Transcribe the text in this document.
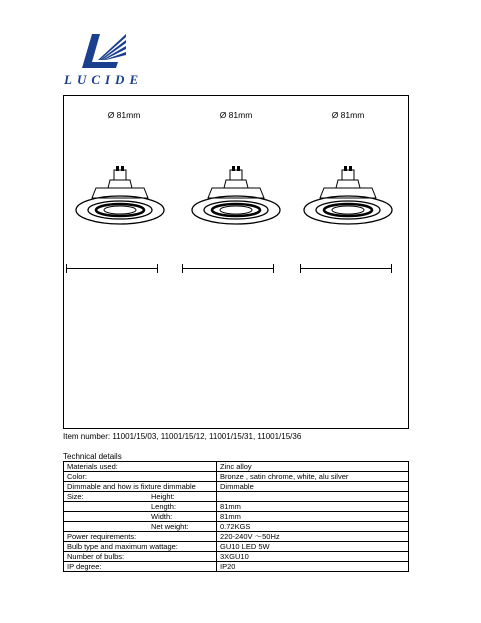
LUCIDE
Ø 81mm	Ø 81mm	Ø 81mm
Item number: 11001/15/03, 11001/15/12, 11001/15/31, 11001/15/36
Technical details
Materials used:	Zinc alloy
Color:	Bronze , satin chrome, white, alu silver
Dimmable and how is fixture dimmable	Dimmable

Size: Height:	

Length:	81mm

Width:	81mm

Net weight:	0.72KGS
Power requirements:	220-240V 〜50Hz
Bulb type and maximum wattage:	GU10 LED 5W
Number of bulbs:	3XGU10
IP degree:	IP20
